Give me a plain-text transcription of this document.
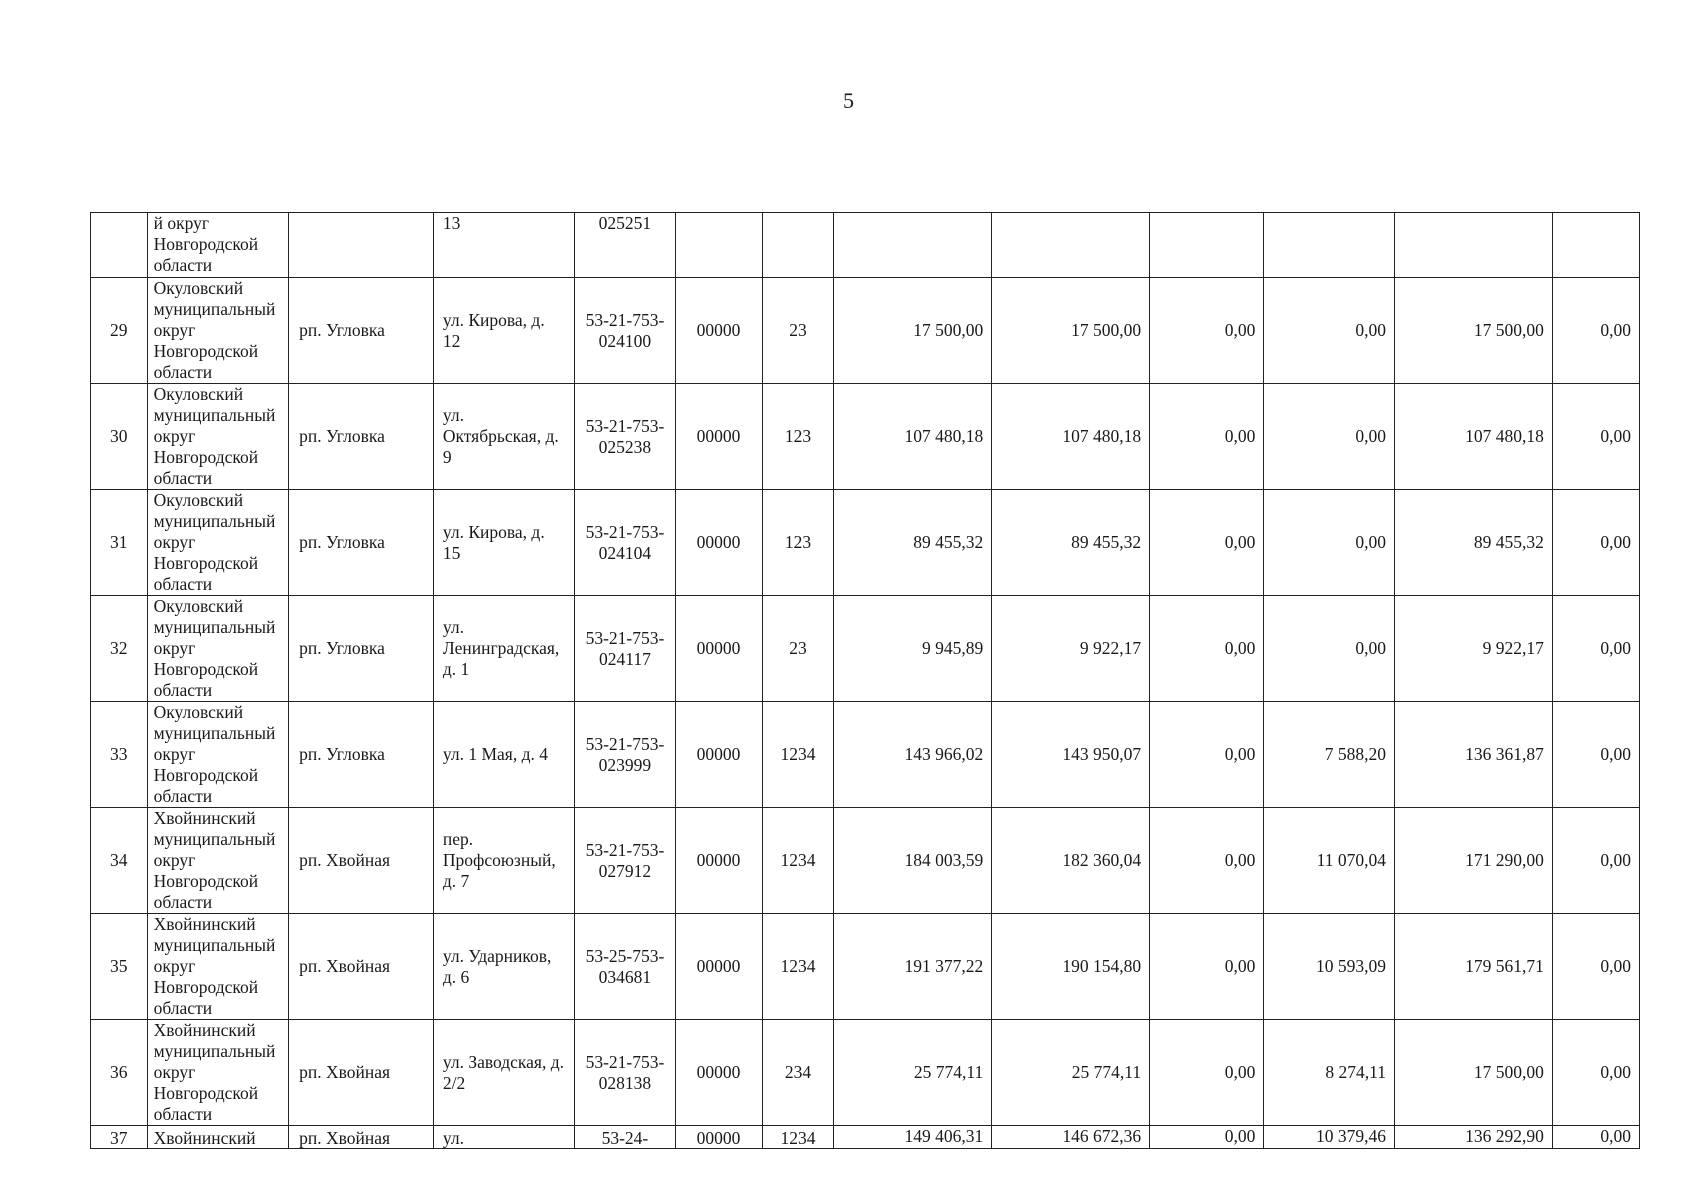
5
	й округ Новгородской области		13	025251								
29	Окуловский муниципальный округ Новгородской области	рп. Угловка	ул. Кирова, д. 12	53-21-753-024100	00000	23	17 500,00	17 500,00	0,00	0,00	17 500,00	0,00
30	Окуловский муниципальный округ Новгородской области	рп. Угловка	ул. Октябрьская, д. 9	53-21-753-025238	00000	123	107 480,18	107 480,18	0,00	0,00	107 480,18	0,00
31	Окуловский муниципальный округ Новгородской области	рп. Угловка	ул. Кирова, д. 15	53-21-753-024104	00000	123	89 455,32	89 455,32	0,00	0,00	89 455,32	0,00
32	Окуловский муниципальный округ Новгородской области	рп. Угловка	ул. Ленинградская, д. 1	53-21-753-024117	00000	23	9 945,89	9 922,17	0,00	0,00	9 922,17	0,00
33	Окуловский муниципальный округ Новгородской области	рп. Угловка	ул. 1 Мая, д. 4	53-21-753-023999	00000	1234	143 966,02	143 950,07	0,00	7 588,20	136 361,87	0,00
34	Хвойнинский муниципальный округ Новгородской области	рп. Хвойная	пер. Профсоюзный, д. 7	53-21-753-027912	00000	1234	184 003,59	182 360,04	0,00	11 070,04	171 290,00	0,00
35	Хвойнинский муниципальный округ Новгородской области	рп. Хвойная	ул. Ударников, д. 6	53-25-753-034681	00000	1234	191 377,22	190 154,80	0,00	10 593,09	179 561,71	0,00
36	Хвойнинский муниципальный округ Новгородской области	рп. Хвойная	ул. Заводская, д. 2/2	53-21-753-028138	00000	234	25 774,11	25 774,11	0,00	8 274,11	17 500,00	0,00
37	Хвойнинский	рп. Хвойная	ул.	53-24-	00000	1234	149 406,31	146 672,36	0,00	10 379,46	136 292,90	0,00
